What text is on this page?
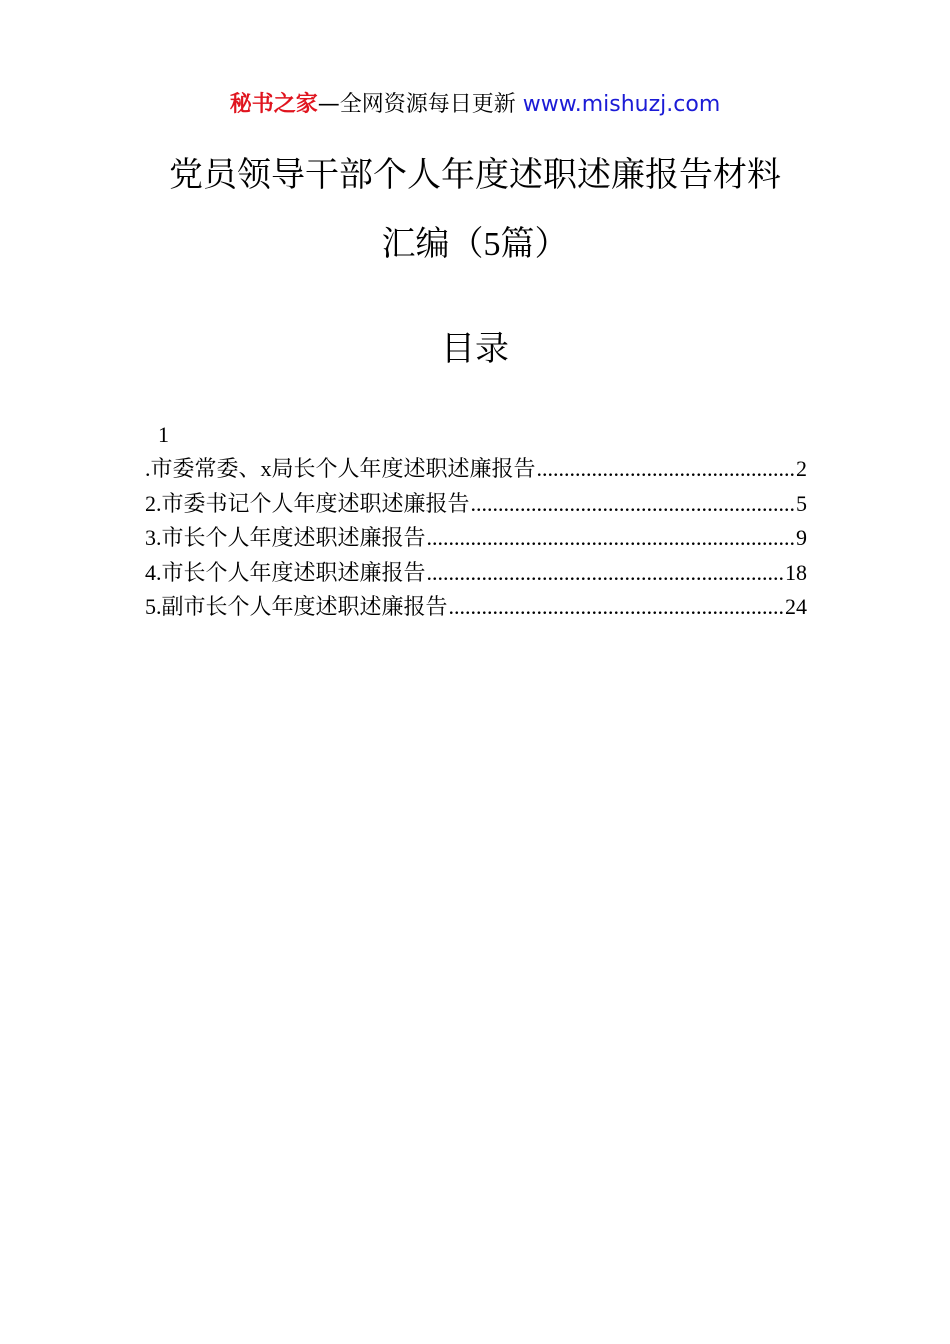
秘书之家—全网资源每日更新 www.mishuzj.com
党员领导干部个人年度述职述廉报告材料
汇编（5篇）
目录
1
.市委常委、x局长个人年度述职述廉报告 .....	2
2.市委书记个人年度述职述廉报告 .....	5
3.市长个人年度述职述廉报告 .....	9
4.市长个人年度述职述廉报告 .....	18
5.副市长个人年度述职述廉报告 .....	24
